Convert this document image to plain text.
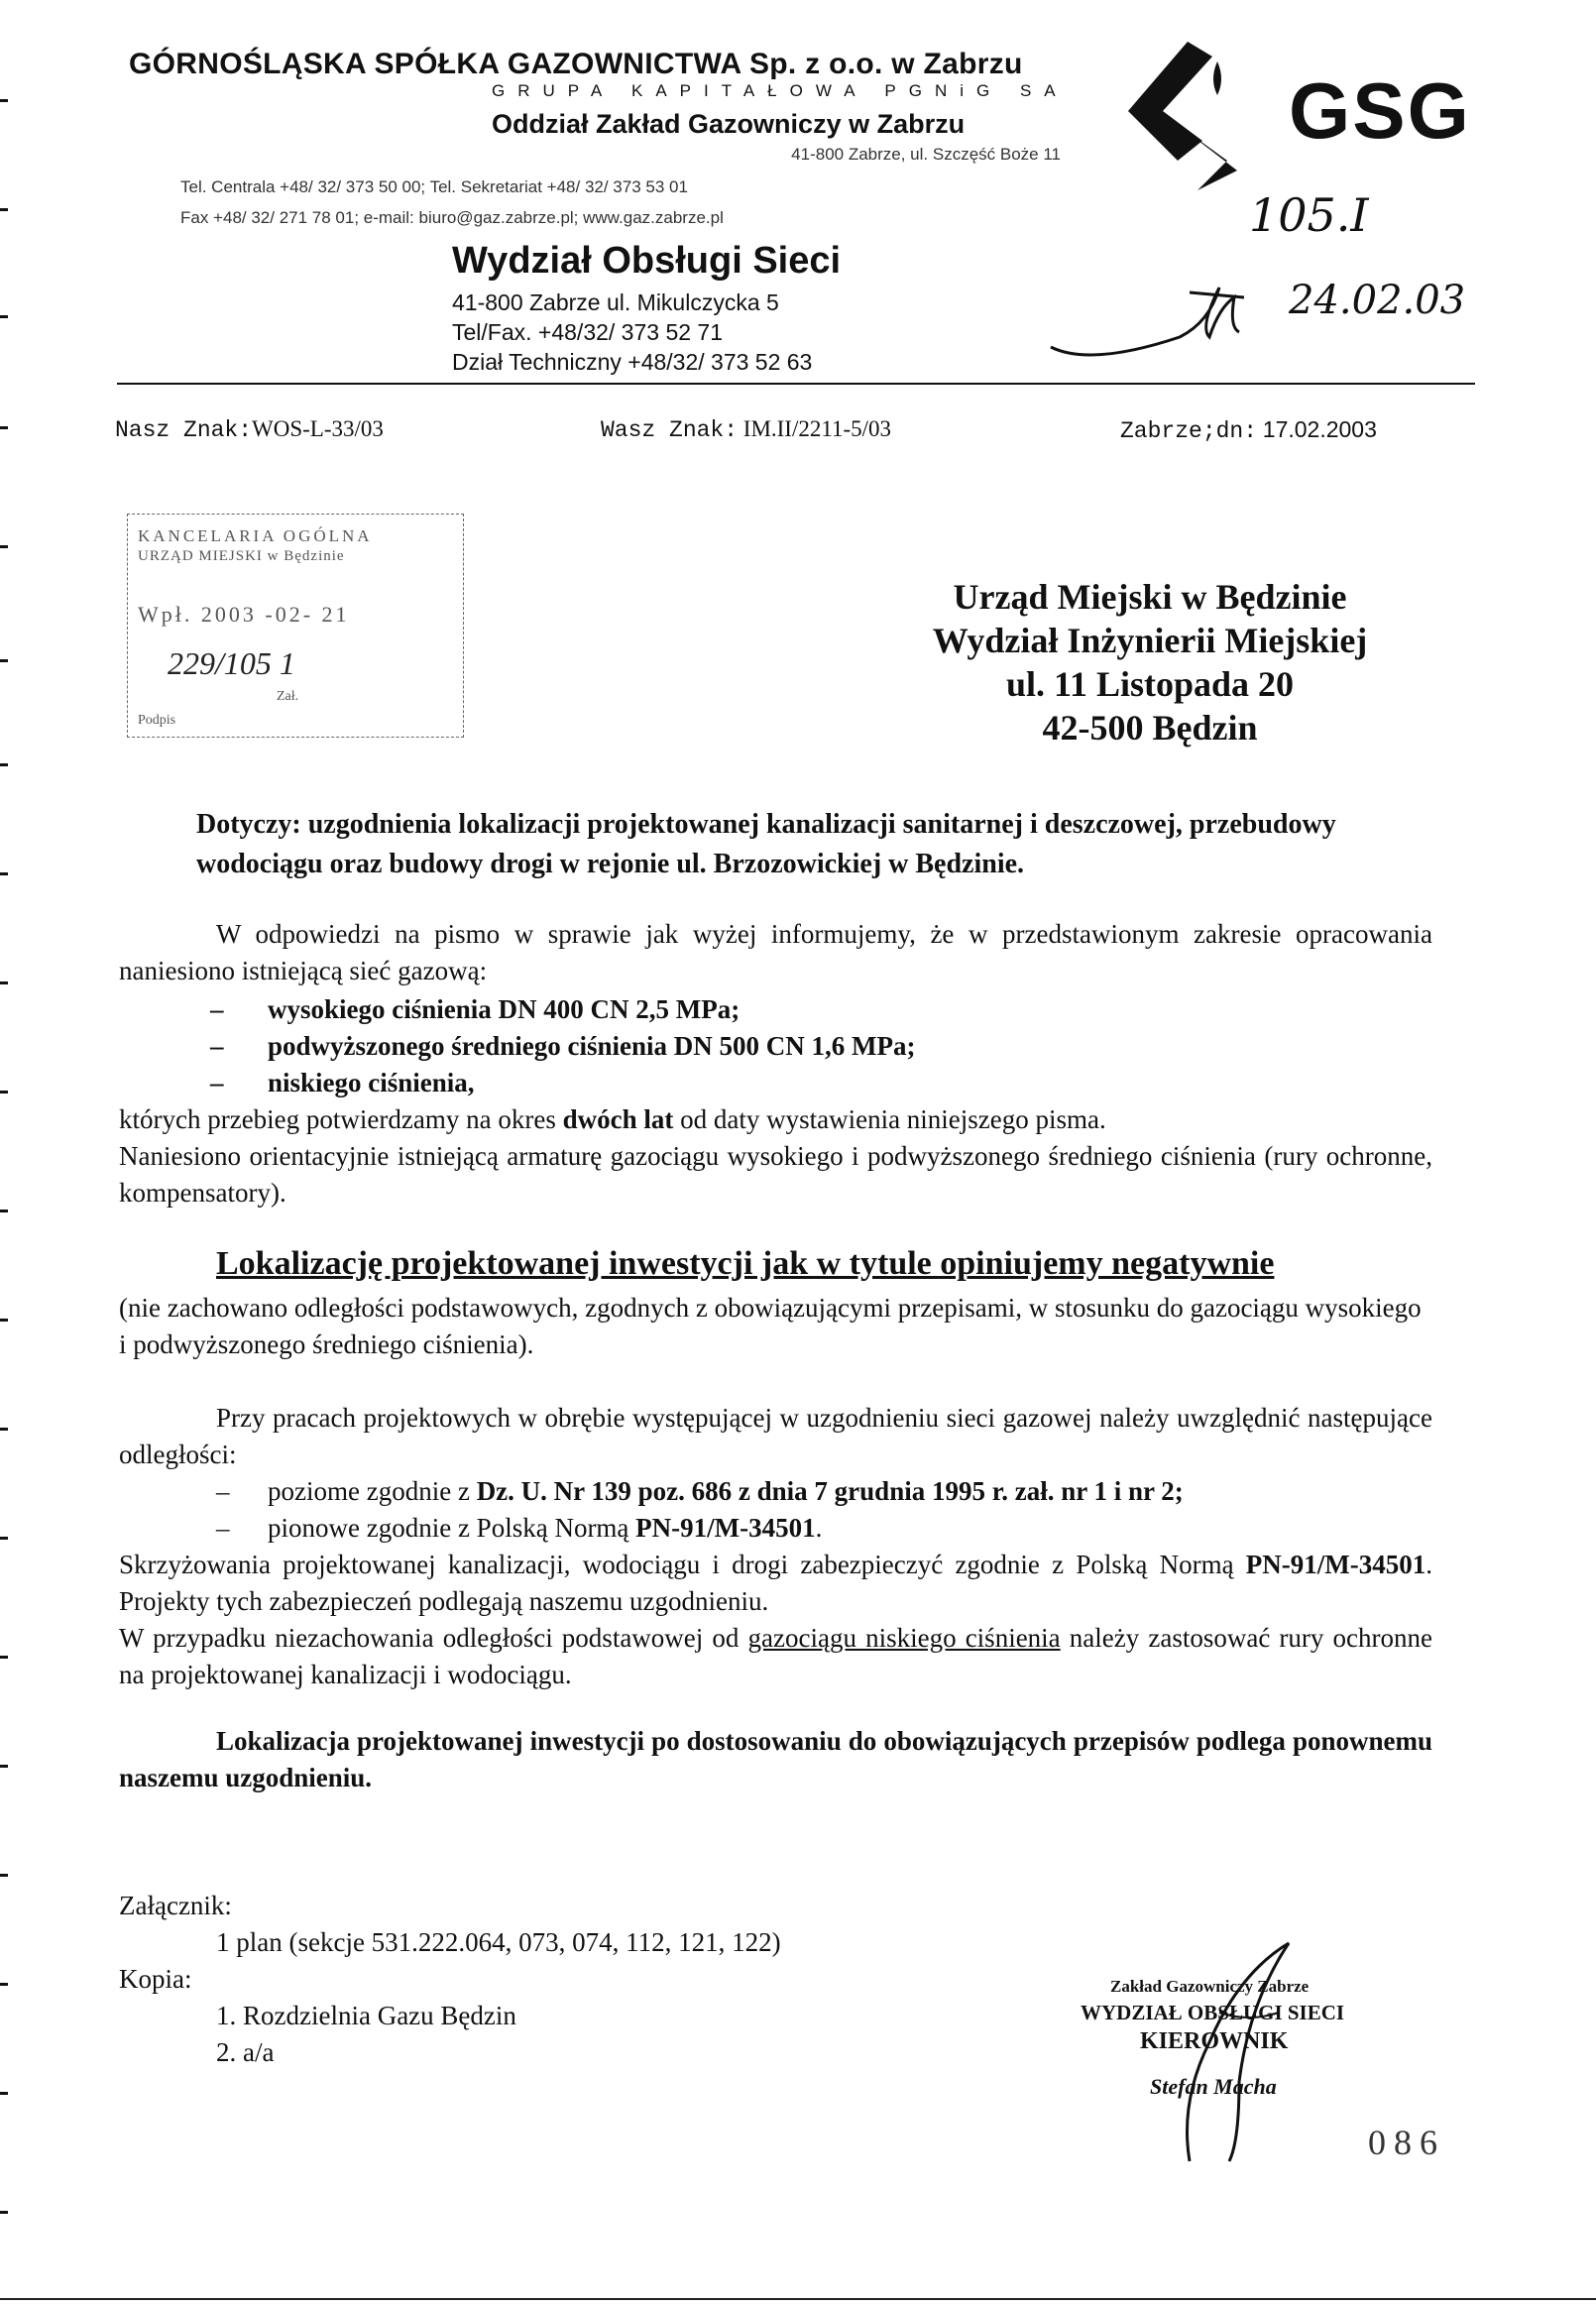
GÓRNOŚLĄSKA SPÓŁKA GAZOWNICTWA Sp. z o.o. w Zabrzu
GRUPA KAPITAŁOWA PGNiG SA
Oddział Zakład Gazowniczy w Zabrzu
41-800 Zabrze, ul. Szczęść Boże 11
Tel. Centrala +48/ 32/ 373 50 00; Tel. Sekretariat +48/ 32/ 373 53 01
Fax +48/ 32/ 271 78 01; e-mail: biuro@gaz.zabrze.pl; www.gaz.zabrze.pl
Wydział Obsługi Sieci
41-800 Zabrze ul. Mikulczycka 5
Tel/Fax. +48/32/ 373 52 71
Dział Techniczny +48/32/ 373 52 63
GSG
105.I
24.02.03
Nasz Znak:WOS-L-33/03	Wasz Znak: IM.II/2211-5/03	Zabrze;dn: 17.02.2003
KANCELARIA OGÓLNA
URZĄD MIEJSKI w Będzinie
Wpł. 2003 -02- 21
229/105 1
Zał.
Podpis
Urząd Miejski w Będzinie
Wydział Inżynierii Miejskiej
ul. 11 Listopada 20
42-500 Będzin
Dotyczy: uzgodnienia lokalizacji projektowanej kanalizacji sanitarnej i deszczowej, przebudowy wodociągu oraz budowy drogi w rejonie ul. Brzozowickiej w Będzinie.
W odpowiedzi na pismo w sprawie jak wyżej informujemy, że w przedstawionym zakresie opracowania naniesiono istniejącą sieć gazową:
– wysokiego ciśnienia DN 400 CN 2,5 MPa;
– podwyższonego średniego ciśnienia DN 500 CN 1,6 MPa;
– niskiego ciśnienia,
których przebieg potwierdzamy na okres dwóch lat od daty wystawienia niniejszego pisma.
Naniesiono orientacyjnie istniejącą armaturę gazociągu wysokiego i podwyższonego średniego ciśnienia (rury ochronne, kompensatory).
Lokalizację projektowanej inwestycji jak w tytule opiniujemy negatywnie
(nie zachowano odległości podstawowych, zgodnych z obowiązującymi przepisami, w stosunku do gazociągu wysokiego i podwyższonego średniego ciśnienia).
Przy pracach projektowych w obrębie występującej w uzgodnieniu sieci gazowej należy uwzględnić następujące odległości:
– poziome zgodnie z Dz. U. Nr 139 poz. 686 z dnia 7 grudnia 1995 r. zał. nr 1 i nr 2;
– pionowe zgodnie z Polską Normą PN-91/M-34501.
Skrzyżowania projektowanej kanalizacji, wodociągu i drogi zabezpieczyć zgodnie z Polską Normą PN-91/M-34501. Projekty tych zabezpieczeń podlegają naszemu uzgodnieniu.
W przypadku niezachowania odległości podstawowej od gazociągu niskiego ciśnienia należy zastosować rury ochronne na projektowanej kanalizacji i wodociągu.
Lokalizacja projektowanej inwestycji po dostosowaniu do obowiązujących przepisów podlega ponownemu naszemu uzgodnieniu.
Załącznik:
1 plan (sekcje 531.222.064, 073, 074, 112, 121, 122)
Kopia:
1. Rozdzielnia Gazu Będzin
2. a/a
Zakład Gazowniczy Zabrze
WYDZIAŁ OBSŁUGI SIECI
KIEROWNIK
Stefan Macha
086
